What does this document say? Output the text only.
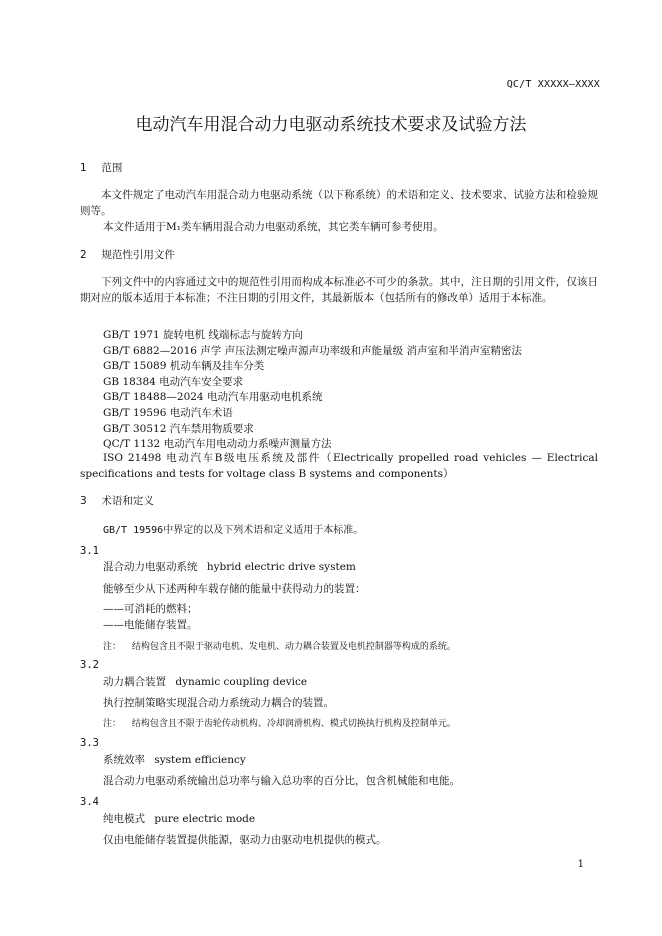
QC/T XXXXX—XXXX
电动汽车用混合动力电驱动系统技术要求及试验方法
1 范围

本文件规定了电动汽车用混合动力电驱动系统（以下称系统）的术语和定义、技术要求、试验方法和检验规则等。

本文件适用于M₁类车辆用混合动力电驱动系统，其它类车辆可参考使用。

2 规范性引用文件

下列文件中的内容通过文中的规范性引用而构成本标准必不可少的条款。其中，注日期的引用文件，仅该日期对应的版本适用于本标准；不注日期的引用文件，其最新版本（包括所有的修改单）适用于本标准。

GB/T 1971 旋转电机 线端标志与旋转方向
GB/T 6882—2016 声学 声压法测定噪声源声功率级和声能量级 消声室和半消声室精密法
GB/T 15089 机动车辆及挂车分类
GB 18384 电动汽车安全要求
GB/T 18488—2024 电动汽车用驱动电机系统
GB/T 19596 电动汽车术语
GB/T 30512 汽车禁用物质要求
QC/T 1132 电动汽车用电动动力系噪声测量方法

ISO 21498 电动汽车B级电压系统及部件（Electrically propelled road vehicles — Electrical
specifications and tests for voltage class B systems and components）

3 术语和定义

GB/T 19596中界定的以及下列术语和定义适用于本标准。

3.1
混合动力电驱动系统 hybrid electric drive system

能够至少从下述两种车载存储的能量中获得动力的装置：

——可消耗的燃料；

——电能储存装置。

注： 结构包含且不限于驱动电机、发电机、动力耦合装置及电机控制器等构成的系统。
3.2
动力耦合装置 dynamic coupling device

执行控制策略实现混合动力系统动力耦合的装置。

注： 结构包含且不限于齿轮传动机构、冷却润滑机构、模式切换执行机构及控制单元。
3.3
系统效率 system efficiency

混合动力电驱动系统输出总功率与输入总功率的百分比，包含机械能和电能。

3.4
纯电模式 pure electric mode

仅由电能储存装置提供能源，驱动力由驱动电机提供的模式。

1
